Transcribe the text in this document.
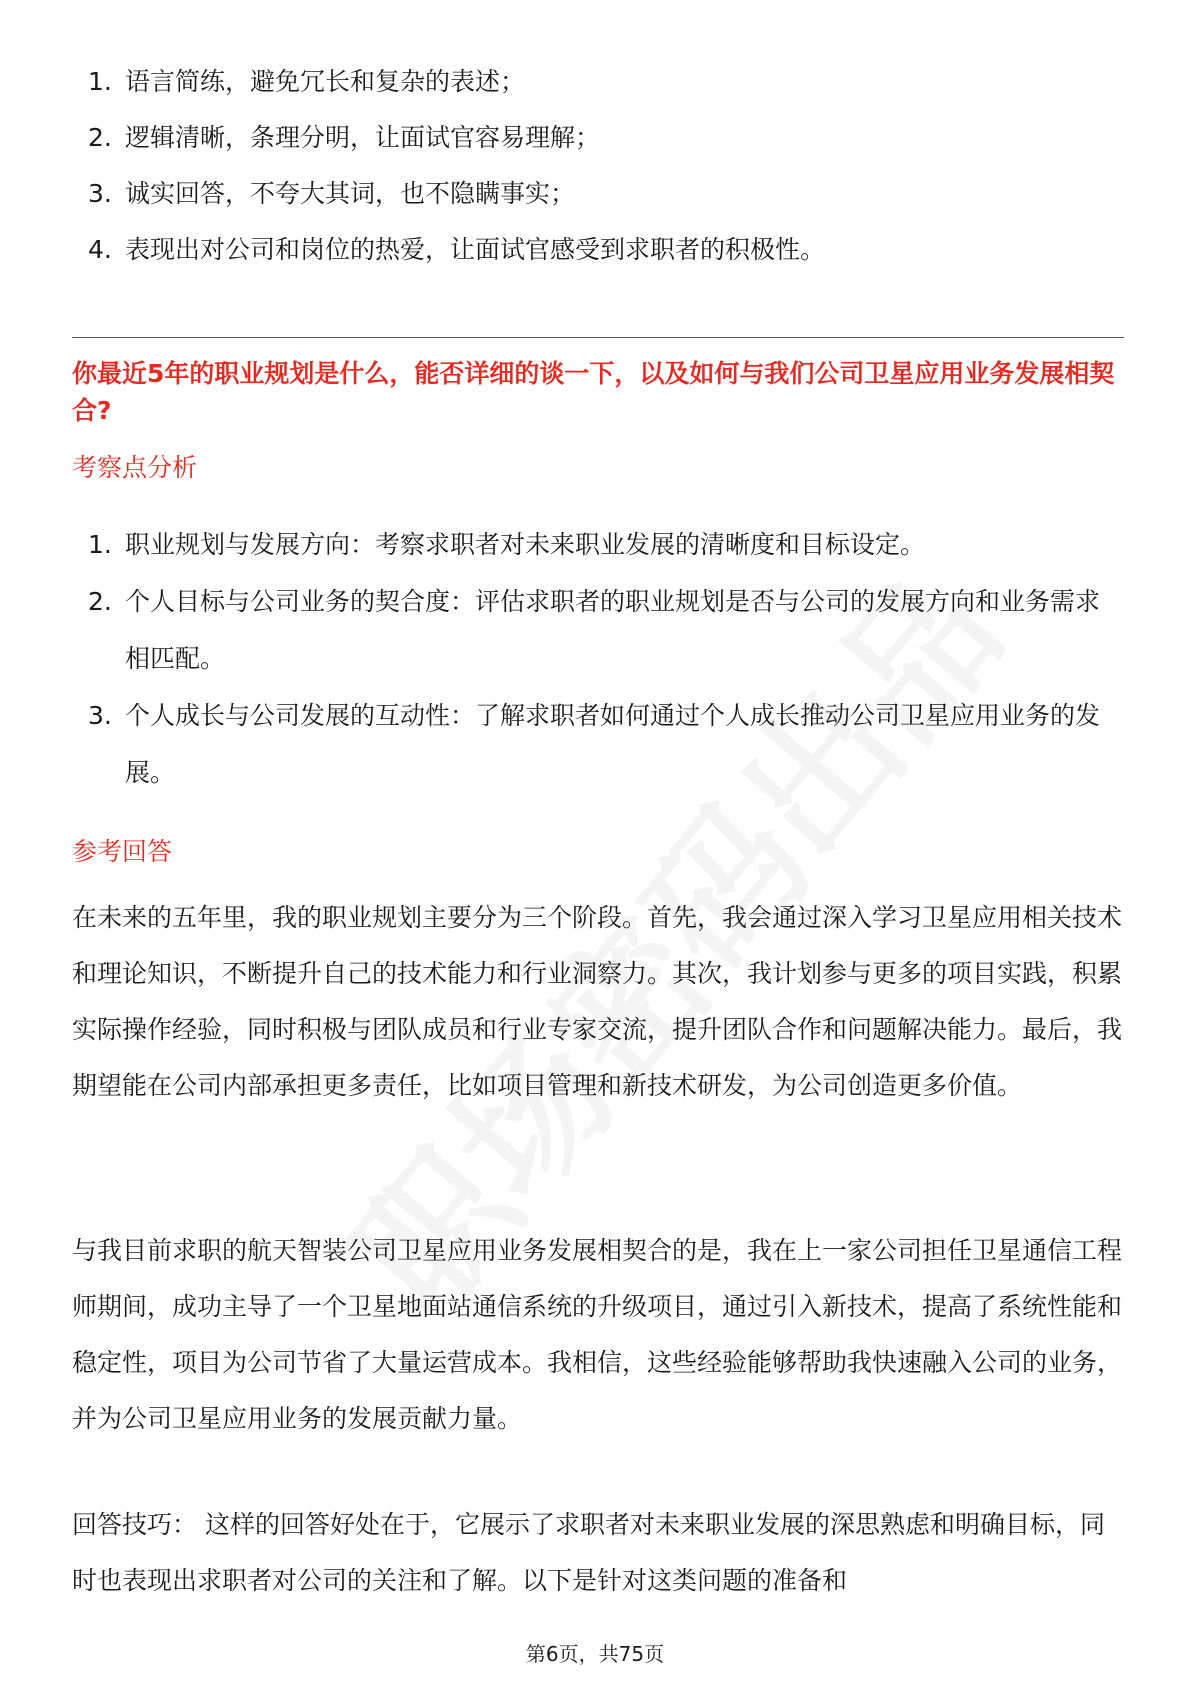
1. 语言简练，避免冗长和复杂的表述；
2. 逻辑清晰，条理分明，让面试官容易理解；
3. 诚实回答，不夸大其词，也不隐瞒事实；
4. 表现出对公司和岗位的热爱，让面试官感受到求职者的积极性。
你最近5年的职业规划是什么，能否详细的谈一下，以及如何与我们公司卫星应用业务发展相契合?
考察点分析
1. 职业规划与发展方向：考察求职者对未来职业发展的清晰度和目标设定。
2. 个人目标与公司业务的契合度：评估求职者的职业规划是否与公司的发展方向和业务需求相匹配。
3. 个人成长与公司发展的互动性：了解求职者如何通过个人成长推动公司卫星应用业务的发展。
参考回答

在未来的五年里，我的职业规划主要分为三个阶段。首先，我会通过深入学习卫星应用相关技术和理论知识，不断提升自己的技术能力和行业洞察力。其次，我计划参与更多的项目实践，积累实际操作经验，同时积极与团队成员和行业专家交流，提升团队合作和问题解决能力。最后，我期望能在公司内部承担更多责任，比如项目管理和新技术研发，为公司创造更多价值。

与我目前求职的航天智装公司卫星应用业务发展相契合的是，我在上一家公司担任卫星通信工程师期间，成功主导了一个卫星地面站通信系统的升级项目，通过引入新技术，提高了系统性能和稳定性，项目为公司节省了大量运营成本。我相信，这些经验能够帮助我快速融入公司的业务，并为公司卫星应用业务的发展贡献力量。

回答技巧： 这样的回答好处在于，它展示了求职者对未来职业发展的深思熟虑和明确目标，同时也表现出求职者对公司的关注和了解。以下是针对这类问题的准备和

第6页，共75页
